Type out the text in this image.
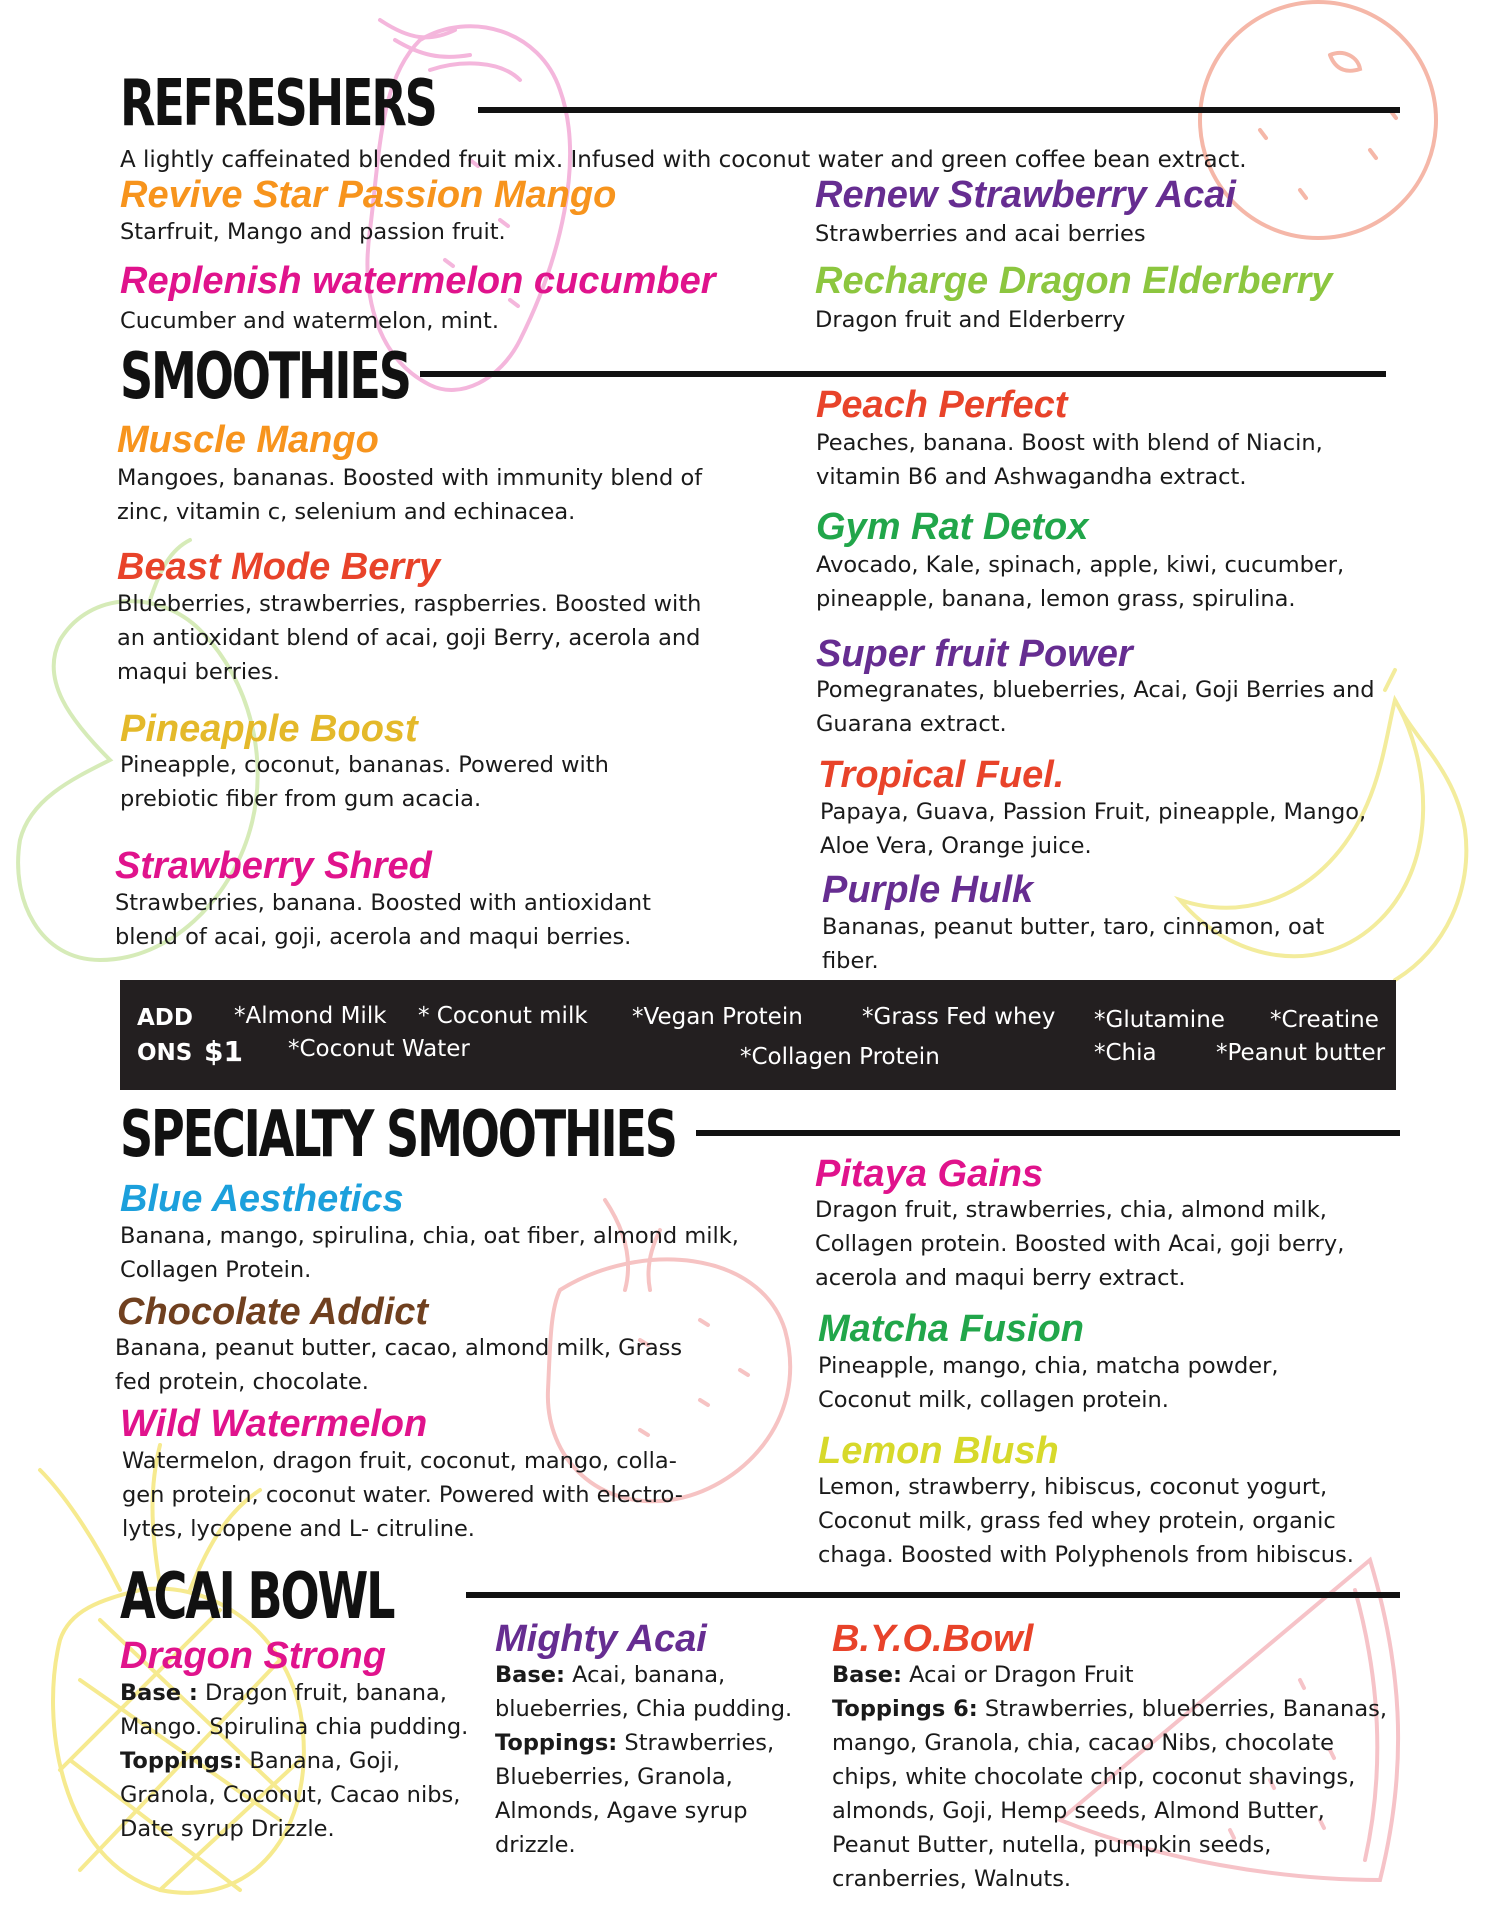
REFRESHERS
A lightly caffeinated blended fruit mix. Infused with coconut water and green coffee bean extract.
Revive Star Passion Mango
Starfruit, Mango and passion fruit.
Renew Strawberry Acai
Strawberries and acai berries
Replenish watermelon cucumber
Cucumber and watermelon, mint.
Recharge Dragon Elderberry
Dragon fruit and Elderberry
SMOOTHIES
Muscle Mango
Mangoes, bananas. Boosted with immunity blend of zinc, vitamin c, selenium and echinacea.
Beast Mode Berry
Blueberries, strawberries, raspberries. Boosted with an antioxidant blend of acai, goji Berry, acerola and maqui berries.
Pineapple Boost
Pineapple, coconut, bananas. Powered with prebiotic fiber from gum acacia.
Strawberry Shred
Strawberries, banana. Boosted with antioxidant blend of acai, goji, acerola and maqui berries.
Peach Perfect
Peaches, banana. Boost with blend of Niacin, vitamin B6 and Ashwagandha extract.
Gym Rat Detox
Avocado, Kale, spinach, apple, kiwi, cucumber, pineapple, banana, lemon grass, spirulina.
Super fruit Power
Pomegranates, blueberries, Acai, Goji Berries and Guarana extract.
Tropical Fuel.
Papaya, Guava, Passion Fruit, pineapple, Mango, Aloe Vera, Orange juice.
Purple Hulk
Bananas, peanut butter, taro, cinnamon, oat fiber.
ADD
ONS $1
*Almond Milk * Coconut milk *Vegan Protein	*Grass Fed whey *Glutamine *Creatine
*Coconut Water	*Collagen Protein	*Chia	*Peanut butter
SPECIALTY SMOOTHIES
Blue Aesthetics
Banana, mango, spirulina, chia, oat fiber, almond milk, Collagen Protein.
Chocolate Addict
Banana, peanut butter, cacao, almond milk, Grass fed protein, chocolate.
Wild Watermelon
Watermelon, dragon fruit, coconut, mango, colla- gen protein, coconut water. Powered with electro- lytes, lycopene and L- citruline.
Pitaya Gains
Dragon fruit, strawberries, chia, almond milk, Collagen protein. Boosted with Acai, goji berry, acerola and maqui berry extract.
Matcha Fusion
Pineapple, mango, chia, matcha powder, Coconut milk, collagen protein.
Lemon Blush
Lemon, strawberry, hibiscus, coconut yogurt, Coconut milk, grass fed whey protein, organic chaga. Boosted with Polyphenols from hibiscus.
ACAI BOWL
Dragon Strong

Base : Dragon fruit, banana, Mango. Spirulina chia pudding.

Toppings: Banana, Goji, Granola, Coconut, Cacao nibs, Date syrup Drizzle.

Mighty Acai

Base: Acai, banana, blueberries, Chia pudding.

Toppings: Strawberries, Blueberries, Granola, Almonds, Agave syrup drizzle.

B.Y.O.Bowl

Base: Acai or Dragon Fruit

Toppings 6: Strawberries, blueberries, Bananas, mango, Granola, chia, cacao Nibs, chocolate chips, white chocolate chip, coconut shavings, almonds, Goji, Hemp seeds, Almond Butter, Peanut Butter, nutella, pumpkin seeds, cranberries, Walnuts.
